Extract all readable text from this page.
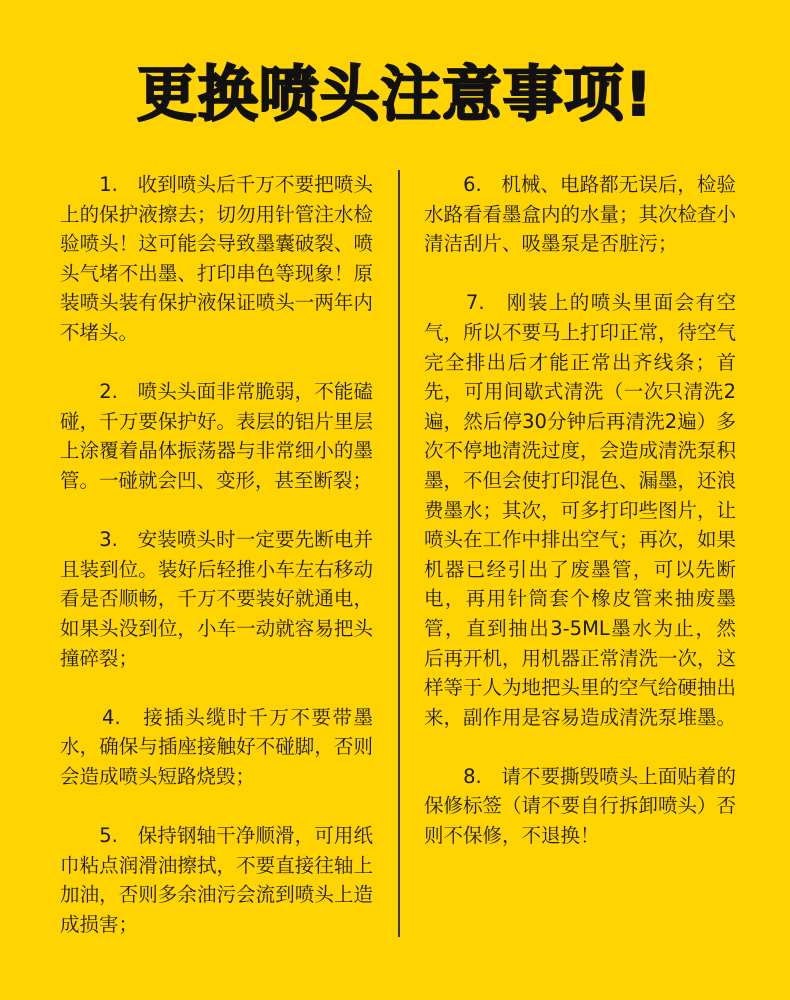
更换喷头注意事项!

　　1.　收到喷头后千万不要把喷头上的保护液擦去；切勿用针管注水检验喷头！这可能会导致墨囊破裂、喷头气堵不出墨、打印串色等现象！原装喷头装有保护液保证喷头一两年内不堵头。

　　2.　喷头头面非常脆弱，不能磕碰，千万要保护好。表层的铝片里层上涂覆着晶体振荡器与非常细小的墨管。一碰就会凹、变形，甚至断裂；

　　3.　安装喷头时一定要先断电并且装到位。装好后轻推小车左右移动看是否顺畅，千万不要装好就通电，如果头没到位，小车一动就容易把头撞碎裂；

　　4.　接插头缆时千万不要带墨水，确保与插座接触好不碰脚，否则会造成喷头短路烧毁；

　　5.　保持钢轴干净顺滑，可用纸巾粘点润滑油擦拭，不要直接往轴上加油，否则多余油污会流到喷头上造成损害；

　　6.　机械、电路都无误后，检验水路看看墨盒内的水量；其次检查小清洁刮片、吸墨泵是否脏污；

　　7.　刚装上的喷头里面会有空气，所以不要马上打印正常，待空气完全排出后才能正常出齐线条；首先，可用间歇式清洗（一次只清洗2遍，然后停30分钟后再清洗2遍）多次不停地清洗过度，会造成清洗泵积墨，不但会使打印混色、漏墨，还浪费墨水；其次，可多打印些图片，让喷头在工作中排出空气；再次，如果机器已经引出了废墨管，可以先断电，再用针筒套个橡皮管来抽废墨管，直到抽出3-5ML墨水为止，然后再开机，用机器正常清洗一次，这样等于人为地把头里的空气给硬抽出来，副作用是容易造成清洗泵堆墨。

　　8.　请不要撕毁喷头上面贴着的保修标签（请不要自行拆卸喷头）否则不保修，不退换！
